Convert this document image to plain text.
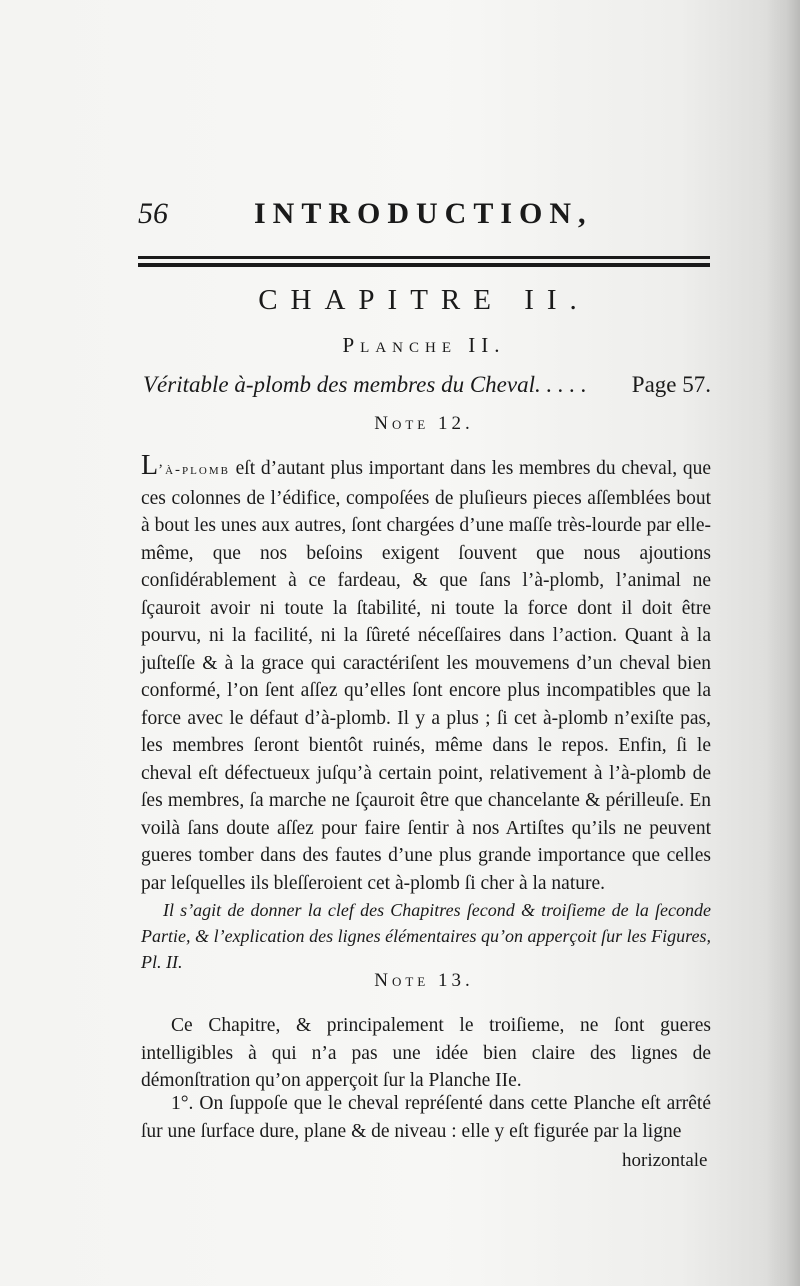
56	INTRODUCTION,
CHAPITRE II.
Planche II.
Véritable à-plomb des membres du Cheval. . . . . Page 57.
Note 12.
L’à-plomb eſt d’autant plus important dans les membres du cheval, que ces colonnes de l’édifice, compoſées de pluſieurs pieces aſſemblées bout à bout les unes aux autres, ſont chargées d’une maſſe très-lourde par elle-même, que nos beſoins exigent ſouvent que nous ajoutions conſidérablement à ce fardeau, & que ſans l’à-plomb, l’animal ne ſçauroit avoir ni toute la ſtabilité, ni toute la force dont il doit être pourvu, ni la facilité, ni la ſûreté néceſſaires dans l’action. Quant à la juſteſſe & à la grace qui caractériſent les mouvemens d’un cheval bien conformé, l’on ſent aſſez qu’elles ſont encore plus incompatibles que la force avec le défaut d’à-plomb. Il y a plus ; ſi cet à-plomb n’exiſte pas, les membres ſeront bientôt ruinés, même dans le repos. Enfin, ſi le cheval eſt défectueux juſqu’à certain point, relativement à l’à-plomb de ſes membres, ſa marche ne ſçauroit être que chancelante & périlleuſe. En voilà ſans doute aſſez pour faire ſentir à nos Artiſtes qu’ils ne peuvent gueres tomber dans des fautes d’une plus grande importance que celles par leſquelles ils bleſſeroient cet à-plomb ſi cher à la nature.
Il s’agit de donner la clef des Chapitres ſecond & troiſieme de la ſeconde Partie, & l’explication des lignes élémentaires qu’on apperçoit ſur les Figures, Pl. II.
Note 13.
Ce Chapitre, & principalement le troiſieme, ne ſont gueres intelligibles à qui n’a pas une idée bien claire des lignes de démonſtration qu’on apperçoit ſur la Planche IIe.
1°. On ſuppoſe que le cheval repréſenté dans cette Planche eſt arrêté ſur une ſurface dure, plane & de niveau : elle y eſt figurée par la ligne
horizontale
